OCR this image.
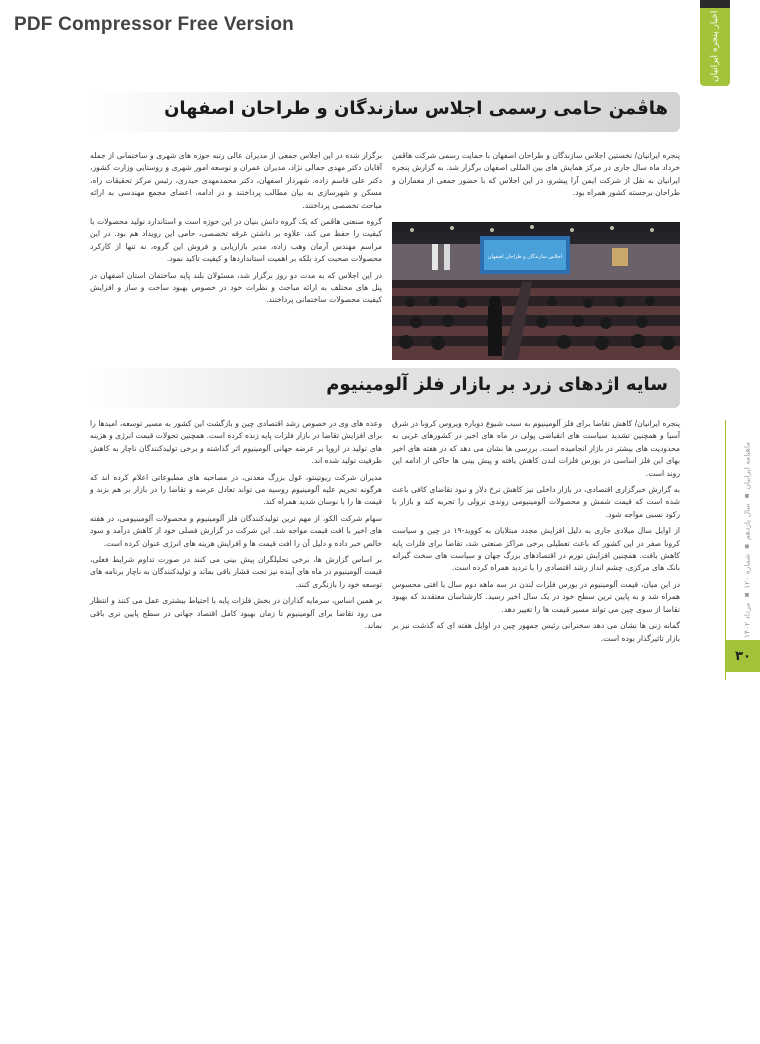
PDF Compressor Free Version	اخبار پنجره ایرانیان
ماهنامه ایرانیان ▪ سال یازدهم ▪ شماره ۱۲۰ ▪ مرداد ۱۴۰۲
۳۰
هاڤمن حامی رسمی اجلاس سازندگان و طراحان اصفهان

پنجره ایرانیان/ نخستین اجلاس سازندگان و طراحان اصفهان با حمایت رسمی شرکت هاڤمن خرداد ماه سال جاری در مرکز همایش های بین المللی اصفهان برگزار شد. به گزارش پنجره ایرانیان به نقل از شرکت ایمن آرا پیشرو، در این اجلاس که با حضور جمعی از معماران و طراحان برجسته کشور همراه بود.

برگزار شده در این اجلاس جمعی از مدیران عالی رتبه حوزه های شهری و ساختمانی از جمله آقایان دکتر مهدی جمالی نژاد، مدیران عمران و توسعه امور شهری و روستایی وزارت کشور، دکتر علی قاسم زاده، شهردار اصفهان، دکتر محمدمهدی حیدری، رئیس مرکز تحقیقات راه، مسکن و شهرسازی به بیان مطالب پرداختند و در ادامه، اعضای مجمع مهندسی به ارائه مباحث تخصصی پرداختند.

گروه صنعتی هاڤمن که یک گروه دانش بنیان در این حوزه است و استاندارد تولید محصولات با کیفیت را حفظ می کند، علاوه بر داشتن غرفه تخصصی، حامی این رویداد هم بود. در این مراسم مهندس آرمان وهب زاده، مدیر بازاریابی و فروش این گروه، نه تنها از کارکرد محصولات صحبت کرد بلکه بر اهمیت استانداردها و کیفیت تاکید نمود.

در این اجلاس که به مدت دو روز برگزار شد، مسئولان بلند پایه ساختمان استان اصفهان در پنل های مختلف به ارائه مباحث و نظرات خود در خصوص بهبود ساخت و ساز و افزایش کیفیت محصولات ساختمانی پرداختند.

اجلاس سازندگان و طراحان اصفهان
سایه اژدهای زرد بر بازار فلز آلومینیوم

پنجره ایرانیان/ کاهش تقاضا برای فلز آلومینیوم به سبب شیوع دوباره ویروس کرونا در شرق آسیا و همچنین تشدید سیاست های انقباضی پولی در ماه های اخیر در کشورهای غربی به محدودیت های بیشتر در بازار انجامیده است. بررسی ها نشان می دهد که در هفته های اخیر بهای این فلز اساسی در بورس فلزات لندن کاهش یافته و پیش بینی ها حاکی از ادامه این روند است.

به گزارش خبرگزاری اقتصادی، در بازار داخلی نیز کاهش نرخ دلار و نبود تقاضای کافی باعث شده است که قیمت شمش و محصولات آلومینیومی روندی نزولی را تجربه کند و بازار با رکود نسبی مواجه شود.

از اوایل سال میلادی جاری به دلیل افزایش مجدد مبتلایان به کووید-۱۹ در چین و سیاست کرونا صفر در این کشور که باعث تعطیلی برخی مراکز صنعتی شد، تقاضا برای فلزات پایه کاهش یافت. همچنین افزایش تورم در اقتصادهای بزرگ جهان و سیاست های سخت گیرانه بانک های مرکزی، چشم انداز رشد اقتصادی را با تردید همراه کرده است.

در این میان، قیمت آلومینیوم در بورس فلزات لندن در سه ماهه دوم سال با افتی محسوس همراه شد و به پایین ترین سطح خود در یک سال اخیر رسید. کارشناسان معتقدند که بهبود تقاضا از سوی چین می تواند مسیر قیمت ها را تغییر دهد.

گمانه زنی ها نشان می دهد سخنرانی رئیس جمهور چین در اوایل هفته ای که گذشت نیز بر بازار تاثیرگذار بوده است.

وعده های وی در خصوص رشد اقتصادی چین و بازگشت این کشور به مسیر توسعه، امیدها را برای افزایش تقاضا در بازار فلزات پایه زنده کرده است. همچنین تحولات قیمت انرژی و هزینه های تولید در اروپا بر عرضه جهانی آلومینیوم اثر گذاشته و برخی تولیدکنندگان ناچار به کاهش ظرفیت تولید شده اند.

مدیران شرکت ریوتینتو، غول بزرگ معدنی، در مصاحبه های مطبوعاتی اعلام کرده اند که هرگونه تحریم علیه آلومینیوم روسیه می تواند تعادل عرضه و تقاضا را در بازار بر هم بزند و قیمت ها را با نوسان شدید همراه کند.

سهام شرکت الکو، از مهم ترین تولیدکنندگان فلز آلومینیوم و محصولات آلومینیومی، در هفته های اخیر با افت قیمت مواجه شد. این شرکت در گزارش فصلی خود از کاهش درآمد و سود خالص خبر داده و دلیل آن را افت قیمت ها و افزایش هزینه های انرژی عنوان کرده است.

بر اساس گزارش ها، برخی تحلیلگران پیش بینی می کنند در صورت تداوم شرایط فعلی، قیمت آلومینیوم در ماه های آینده نیز تحت فشار باقی بماند و تولیدکنندگان به ناچار برنامه های توسعه خود را بازنگری کنند.

بر همین اساس، سرمایه گذاران در بخش فلزات پایه با احتیاط بیشتری عمل می کنند و انتظار می رود تقاضا برای آلومینیوم تا زمان بهبود کامل اقتصاد جهانی در سطح پایین تری باقی بماند.
